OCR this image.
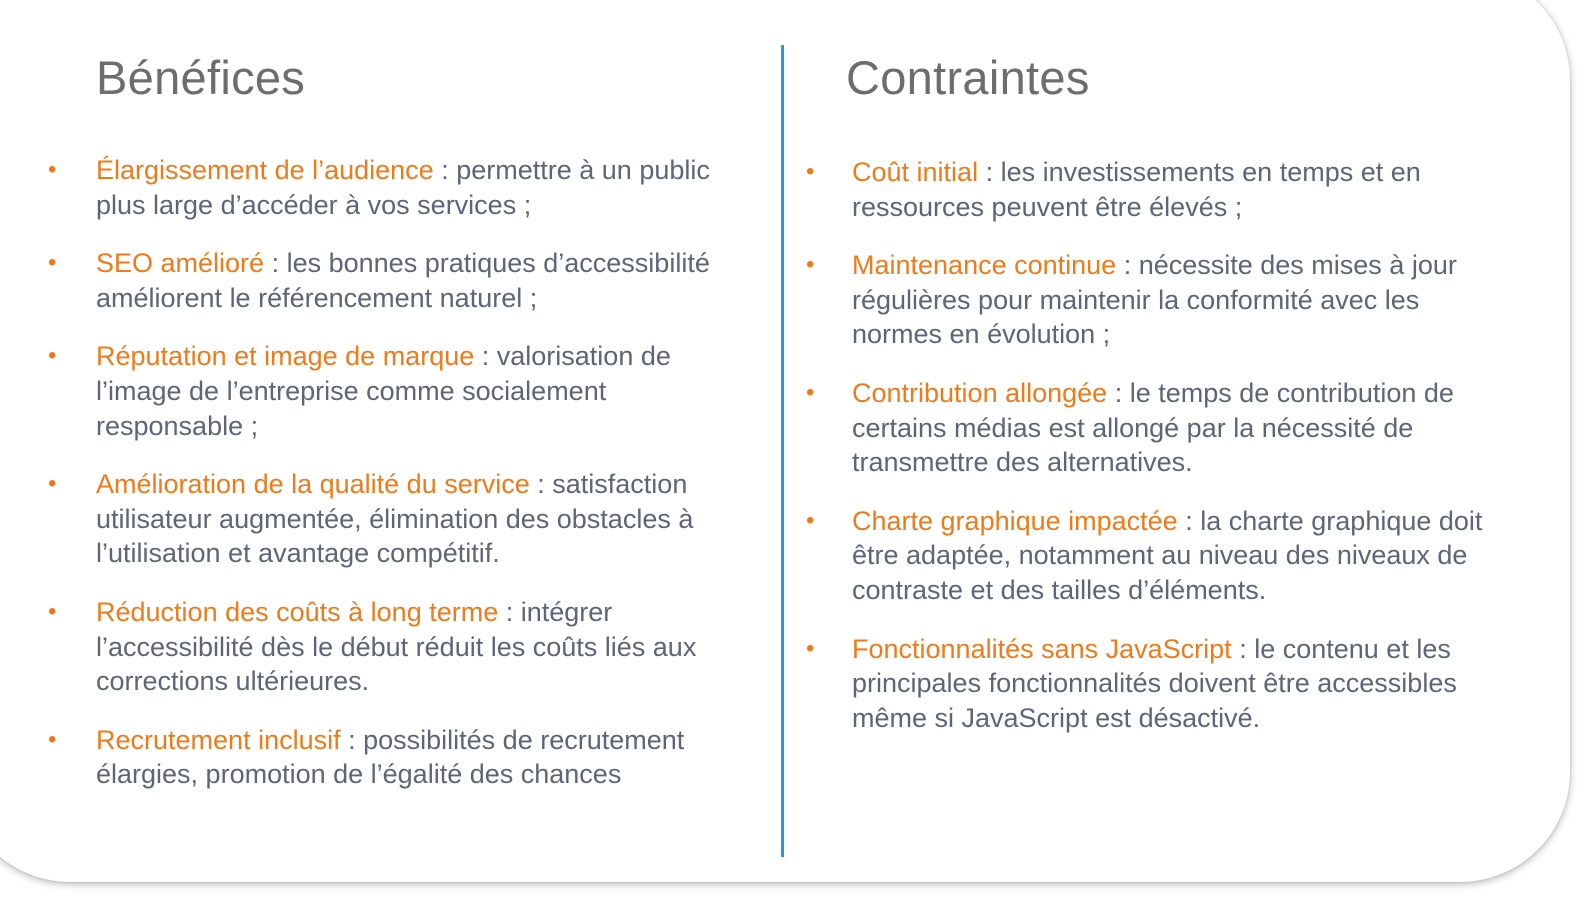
Bénéfices
• Élargissement de l’audience : permettre à un public plus large d’accéder à vos services ;
• SEO amélioré : les bonnes pratiques d’accessibilité améliorent le référencement naturel ;
• Réputation et image de marque : valorisation de l’image de l’entreprise comme socialement responsable ;
• Amélioration de la qualité du service : satisfaction utilisateur augmentée, élimination des obstacles à l’utilisation et avantage compétitif.
• Réduction des coûts à long terme : intégrer l’accessibilité dès le début réduit les coûts liés aux corrections ultérieures.
• Recrutement inclusif : possibilités de recrutement élargies, promotion de l’égalité des chances
Contraintes
• Coût initial : les investissements en temps et en ressources peuvent être élevés ;
• Maintenance continue : nécessite des mises à jour régulières pour maintenir la conformité avec les normes en évolution ;
• Contribution allongée : le temps de contribution de certains médias est allongé par la nécessité de transmettre des alternatives.
• Charte graphique impactée : la charte graphique doit être adaptée, notamment au niveau des niveaux de contraste et des tailles d’éléments.
• Fonctionnalités sans JavaScript : le contenu et les principales fonctionnalités doivent être accessibles même si JavaScript est désactivé.
